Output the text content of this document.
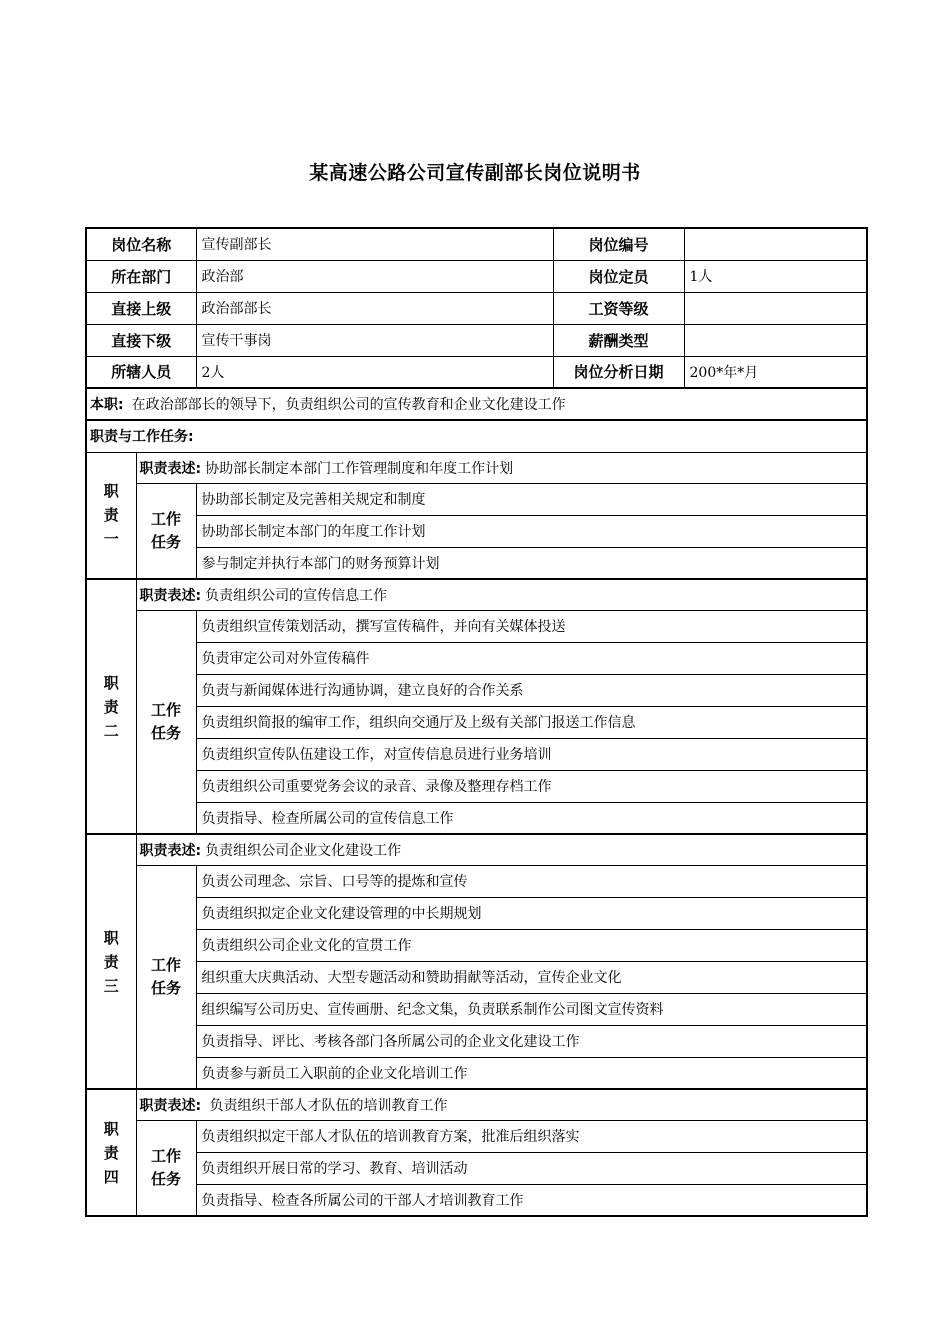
某高速公路公司宣传副部长岗位说明书
岗位名称		宣传副部长	岗位编号	
所在部门		政治部	岗位定员	1人
直接上级		政治部部长	工资等级	
直接下级		宣传干事岗	薪酬类型	
所辖人员		2人	岗位分析日期	200*年*月
本职: 在政治部部长的领导下，负责组织公司的宣传教育和企业文化建设工作				
职责与工作任务:				

职
责
一	职责表述: 协助部长制定本部门工作管理制度和年度工作计划			

	工作
任务	协助部长制定及完善相关规定和制度		
		协助部长制定本部门的年度工作计划		
		参与制定并执行本部门的财务预算计划		

职
责
二	职责表述: 负责组织公司的宣传信息工作			

	工作
任务	负责组织宣传策划活动，撰写宣传稿件，并向有关媒体投送		
		负责审定公司对外宣传稿件		
		负责与新闻媒体进行沟通协调，建立良好的合作关系		
		负责组织简报的编审工作，组织向交通厅及上级有关部门报送工作信息		
		负责组织宣传队伍建设工作，对宣传信息员进行业务培训		
		负责组织公司重要党务会议的录音、录像及整理存档工作		
		负责指导、检查所属公司的宣传信息工作		

职
责
三	职责表述: 负责组织公司企业文化建设工作			

	工作
任务	负责公司理念、宗旨、口号等的提炼和宣传		
		负责组织拟定企业文化建设管理的中长期规划		
		负责组织公司企业文化的宣贯工作		
		组织重大庆典活动、大型专题活动和赞助捐献等活动，宣传企业文化		
		组织编写公司历史、宣传画册、纪念文集，负责联系制作公司图文宣传资料		
		负责指导、评比、考核各部门各所属公司的企业文化建设工作		
		负责参与新员工入职前的企业文化培训工作		

职
责
四	职责表述: 负责组织干部人才队伍的培训教育工作			

	工作
任务	负责组织拟定干部人才队伍的培训教育方案，批准后组织落实		
		负责组织开展日常的学习、教育、培训活动		
		负责指导、检查各所属公司的干部人才培训教育工作		
